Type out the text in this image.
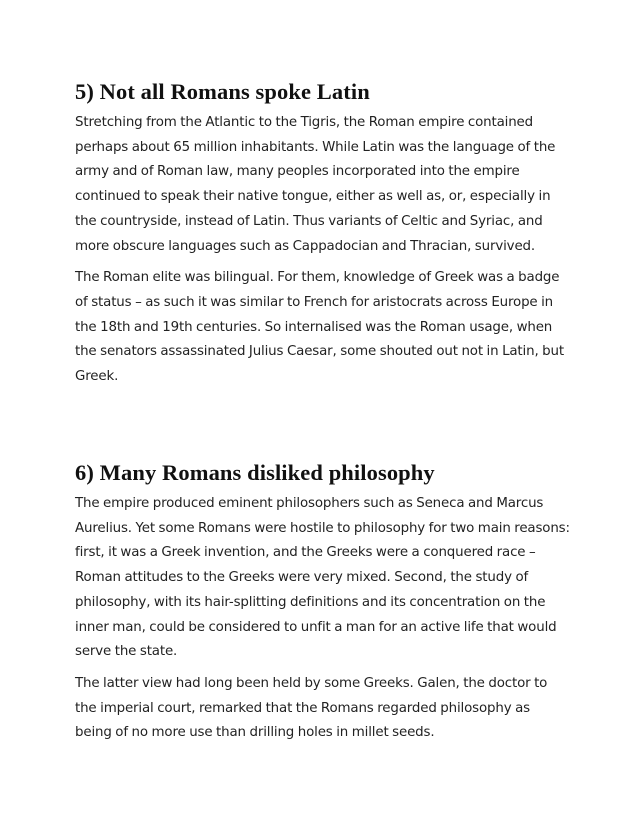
5) Not all Romans spoke Latin

Stretching from the Atlantic to the Tigris, the Roman empire contained perhaps about 65 million inhabitants. While Latin was the language of the army and of Roman law, many peoples incorporated into the empire continued to speak their native tongue, either as well as, or, especially in the countryside, instead of Latin. Thus variants of Celtic and Syriac, and more obscure languages such as Cappadocian and Thracian, survived.

The Roman elite was bilingual. For them, knowledge of Greek was a badge of status – as such it was similar to French for aristocrats across Europe in the 18th and 19th centuries. So internalised was the Roman usage, when the senators assassinated Julius Caesar, some shouted out not in Latin, but Greek.

6) Many Romans disliked philosophy

The empire produced eminent philosophers such as Seneca and Marcus Aurelius. Yet some Romans were hostile to philosophy for two main reasons: first, it was a Greek invention, and the Greeks were a conquered race – Roman attitudes to the Greeks were very mixed. Second, the study of philosophy, with its hair-splitting definitions and its concentration on the inner man, could be considered to unfit a man for an active life that would serve the state.

The latter view had long been held by some Greeks. Galen, the doctor to the imperial court, remarked that the Romans regarded philosophy as being of no more use than drilling holes in millet seeds.
